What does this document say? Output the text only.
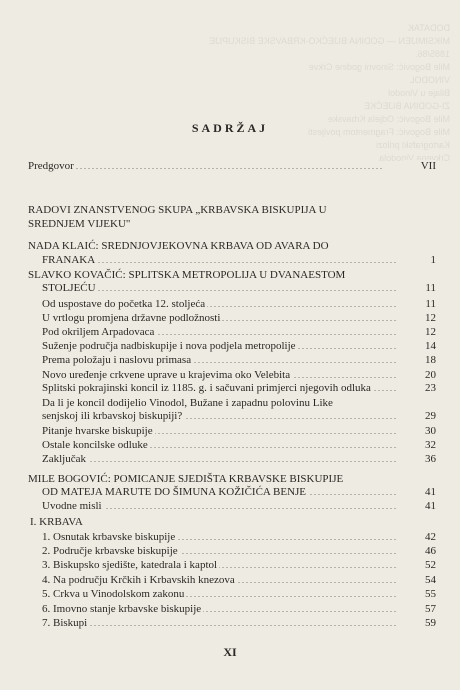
DODATAK
MIKSIMIJEN — GODINA BIJEĆKO-KRBAVSKE BISKUPIJE
1885/86.
Mile Bogović: Sinovni godine Crkve
VINODOL
Bilaje u Vinodol
ZI-GODINA BIJEĆKE
Mile Bogović: Odjela Krbavske
Mile Bogović: Fragmentom povijesti
Kartografski prilozi
Crkvena Vinodola
SADRŽAJ
. . . Predgovor	VII
RADOVI ZNANSTVENOG SKUPA „KRBAVSKA BISKUPIJA U
SREDNJEM VIJEKU"
NADA KLAIĆ: SREDNJOVJEKOVNA KRBAVA OD AVARA DO
. . . FRANAKA	1
SLAVKO KOVAČIĆ: SPLITSKA METROPOLIJA U DVANAESTOM
. . . STOLJEĆU	11
. . . Od uspostave do početka 12. stoljeća	11
. . . U vrtlogu promjena državne podložnosti	12
. . . Pod okriljem Arpadovaca	12
. . . Suženje područja nadbiskupije i nova podjela metropolije	14
. . . Prema položaju i naslovu primasa	18
. . . Novo uređenje crkvene uprave u krajevima oko Velebita	20
. . . Splitski pokrajinski koncil iz 1185. g. i sačuvani primjerci njegovih odluka	23
Da li je koncil dodijelio Vinodol, Bužane i zapadnu polovinu Like
. . . senjskoj ili krbavskoj biskupiji?	29
. . . Pitanje hvarske biskupije	30
. . . Ostale koncilske odluke	32
. . . Zaključak	36
MILE BOGOVIĆ: POMICANJE SJEDIŠTA KRBAVSKE BISKUPIJE
. . . OD MATEJA MARUTE DO ŠIMUNA KOŽIČIĆA BENJE	41
. . . Uvodne misli	41
I. KRBAVA
. . . 1. Osnutak krbavske biskupije	42
. . . 2. Područje krbavske biskupije	46
. . . 3. Biskupsko sjedište, katedrala i kaptol	52
. . . 4. Na području Krčkih i Krbavskih knezova	54
. . . 5. Crkva u Vinodolskom zakonu	55
. . . 6. Imovno stanje krbavske biskupije	57
. . . 7. Biskupi	59
XI
